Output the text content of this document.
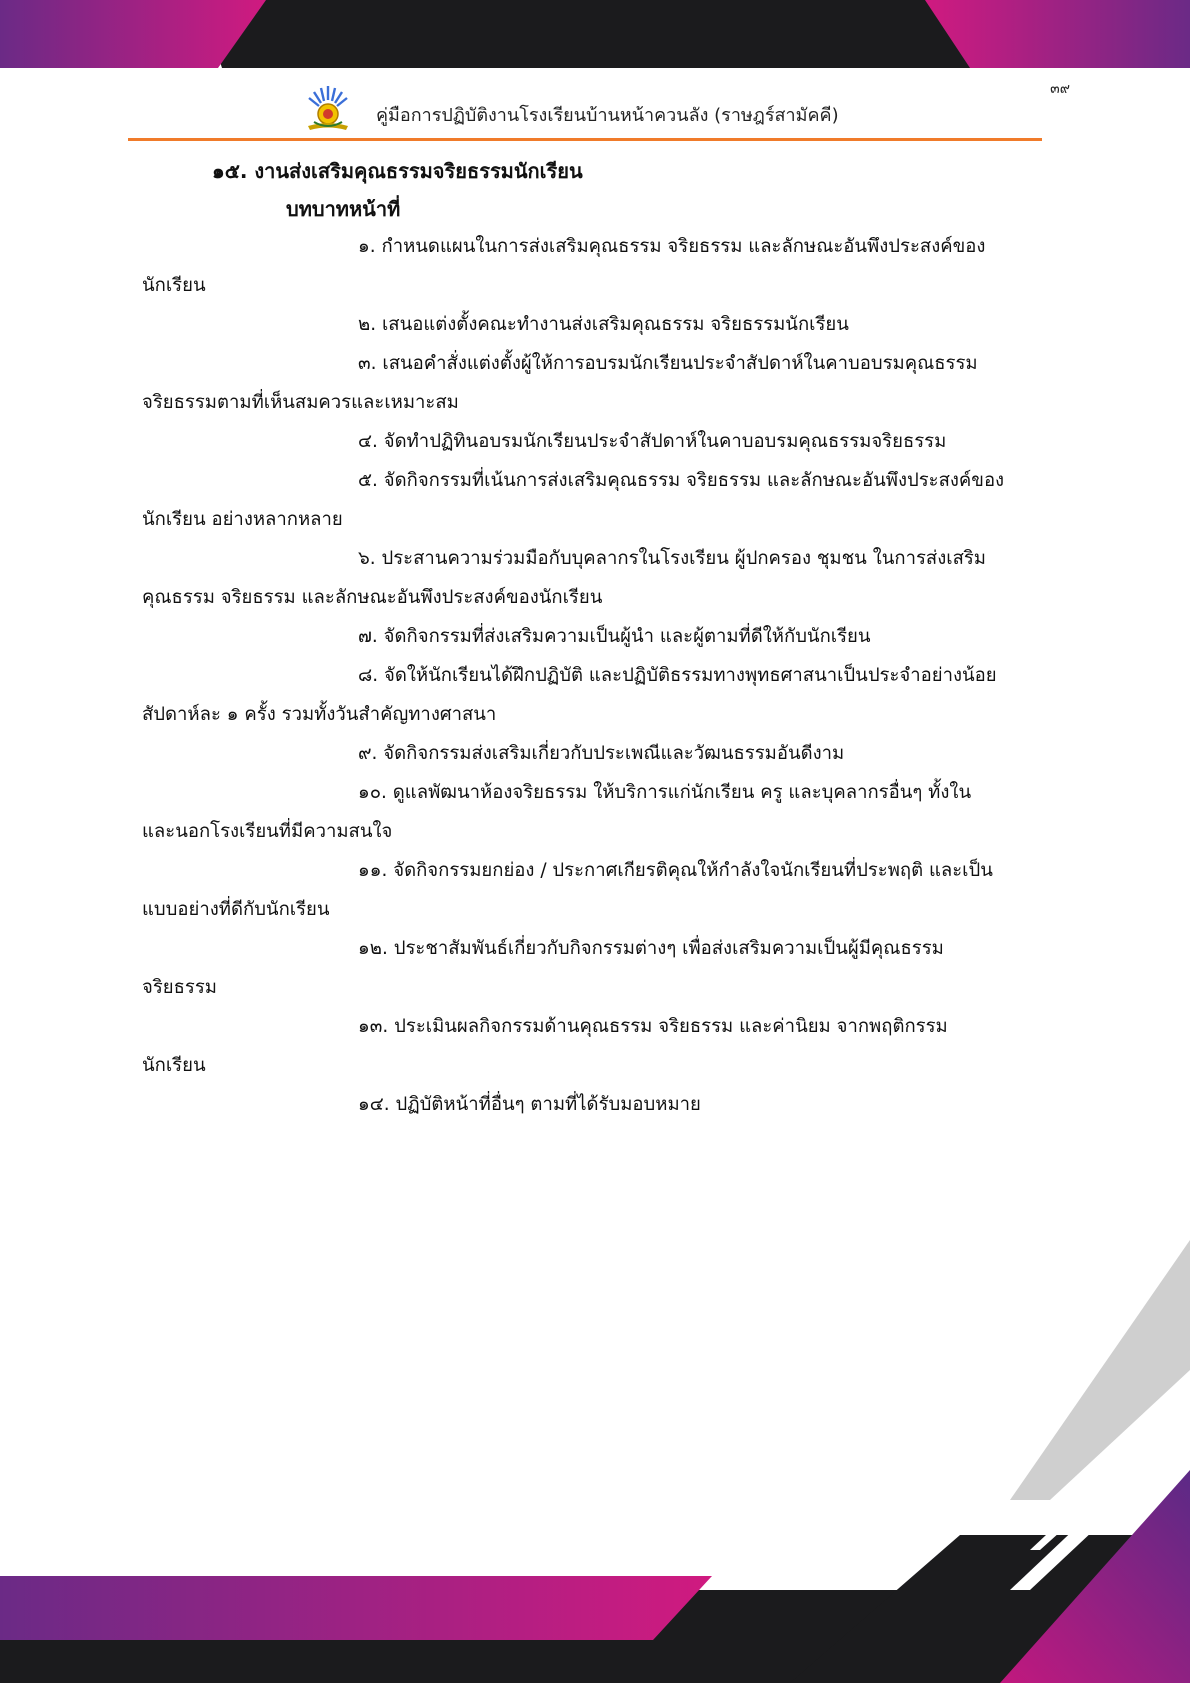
๓๙
คู่มือการปฏิบัติงานโรงเรียนบ้านหน้าควนลัง (ราษฎร์สามัคคี)
๑๕. งานส่งเสริมคุณธรรมจริยธรรมนักเรียน
บทบาทหน้าที่
๑. กำหนดแผนในการส่งเสริมคุณธรรม จริยธรรม และลักษณะอันพึงประสงค์ของ
นักเรียน
๒. เสนอแต่งตั้งคณะทำงานส่งเสริมคุณธรรม จริยธรรมนักเรียน
๓. เสนอคำสั่งแต่งตั้งผู้ให้การอบรมนักเรียนประจำสัปดาห์ในคาบอบรมคุณธรรม
จริยธรรมตามที่เห็นสมควรและเหมาะสม
๔. จัดทำปฏิทินอบรมนักเรียนประจำสัปดาห์ในคาบอบรมคุณธรรมจริยธรรม
๕. จัดกิจกรรมที่เน้นการส่งเสริมคุณธรรม จริยธรรม และลักษณะอันพึงประสงค์ของ
นักเรียน อย่างหลากหลาย
๖. ประสานความร่วมมือกับบุคลากรในโรงเรียน ผู้ปกครอง ชุมชน ในการส่งเสริม
คุณธรรม จริยธรรม และลักษณะอันพึงประสงค์ของนักเรียน
๗. จัดกิจกรรมที่ส่งเสริมความเป็นผู้นำ และผู้ตามที่ดีให้กับนักเรียน
๘. จัดให้นักเรียนได้ฝึกปฏิบัติ และปฏิบัติธรรมทางพุทธศาสนาเป็นประจำอย่างน้อย
สัปดาห์ละ ๑ ครั้ง รวมทั้งวันสำคัญทางศาสนา
๙. จัดกิจกรรมส่งเสริมเกี่ยวกับประเพณีและวัฒนธรรมอันดีงาม
๑๐. ดูแลพัฒนาห้องจริยธรรม ให้บริการแก่นักเรียน ครู และบุคลากรอื่นๆ ทั้งใน
และนอกโรงเรียนที่มีความสนใจ
๑๑. จัดกิจกรรมยกย่อง / ประกาศเกียรติคุณให้กำลังใจนักเรียนที่ประพฤติ และเป็น
แบบอย่างที่ดีกับนักเรียน
๑๒. ประชาสัมพันธ์เกี่ยวกับกิจกรรมต่างๆ เพื่อส่งเสริมความเป็นผู้มีคุณธรรม
จริยธรรม
๑๓. ประเมินผลกิจกรรมด้านคุณธรรม จริยธรรม และค่านิยม จากพฤติกรรม
นักเรียน
๑๔. ปฏิบัติหน้าที่อื่นๆ ตามที่ได้รับมอบหมาย
